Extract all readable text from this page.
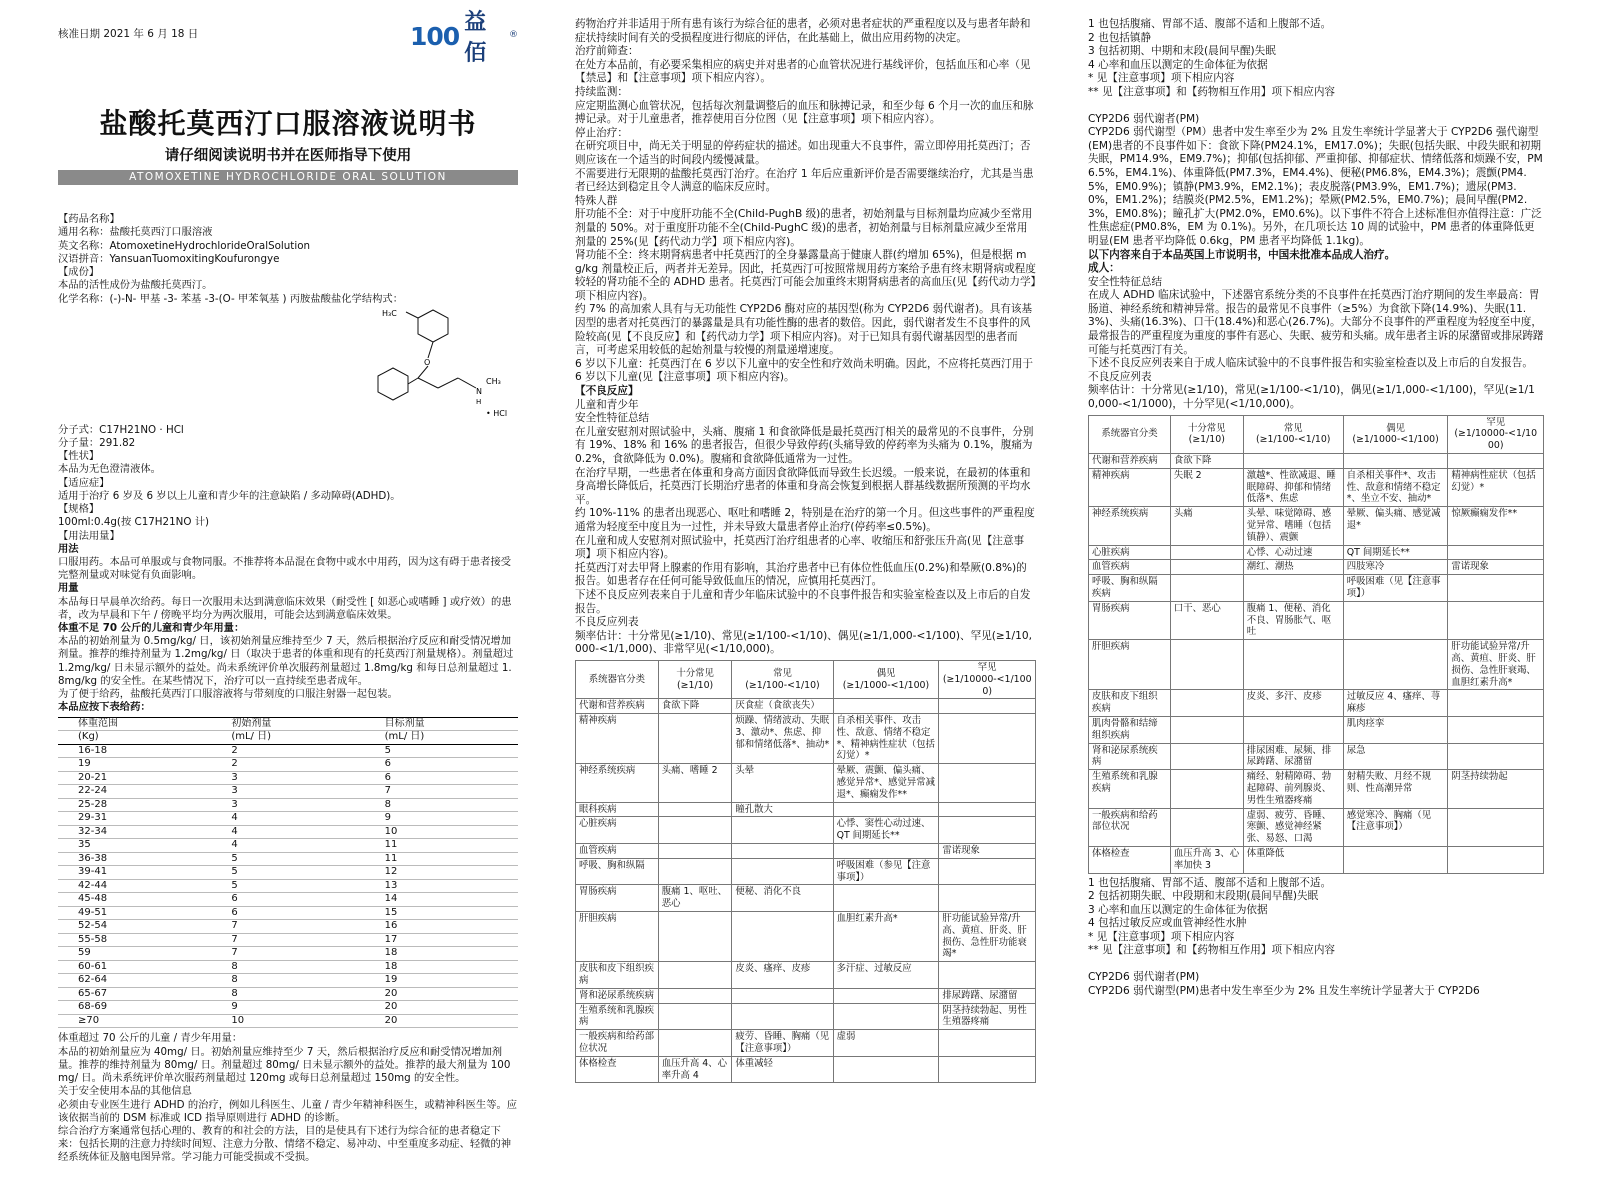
核准日期 2021 年 6 月 18 日	100 益佰
®
盐酸托莫西汀口服溶液说明书
请仔细阅读说明书并在医师指导下使用
ATOMOXETINE HYDROCHLORIDE ORAL SOLUTION

【药品名称】

通用名称：盐酸托莫西汀口服溶液

英文名称：AtomoxetineHydrochlorideOralSolution

汉语拼音：YansuanTuomoxitingKoufurongye

【成份】

本品的活性成份为盐酸托莫西汀。

化学名称：(-)-N- 甲基 -3- 苯基 -3-(O- 甲苯氧基 ) 丙胺盐酸盐化学结构式：

H₃C
O
N
H
CH₃
• HCl

分子式：C17H21NO · HCl

分子量：291.82

【性状】

本品为无色澄清液体。

【适应症】

适用于治疗 6 岁及 6 岁以上儿童和青少年的注意缺陷 / 多动障碍(ADHD)。

【规格】

100ml:0.4g(按 C17H21NO 计)

【用法用量】

用法

口服用药。本品可单服或与食物同服。不推荐将本品混在食物中或水中用药，因为这有碍于患者接受完整剂量或对味觉有负面影响。

用量

本品每日早晨单次给药。每日一次服用未达到满意临床效果（耐受性 [ 如恶心或嗜睡 ] 或疗效）的患者，改为早晨和下午 / 傍晚平均分为两次服用，可能会达到满意临床效果。

体重不足 70 公斤的儿童和青少年用量：

本品的初始剂量为 0.5mg/kg/ 日，该初始剂量应维持至少 7 天，然后根据治疗反应和耐受情况增加剂量。推荐的维持剂量为 1.2mg/kg/ 日（取决于患者的体重和现有的托莫西汀剂量规格）。剂量超过 1.2mg/kg/ 日未显示额外的益处。尚未系统评价单次服药剂量超过 1.8mg/kg 和每日总剂量超过 1.8mg/kg 的安全性。在某些情况下，治疗可以一直持续至患者成年。

为了便于给药，盐酸托莫西汀口服溶液将与带刻度的口服注射器一起包装。

本品应按下表给药：

体重范围	初始剂量	目标剂量
(Kg)	(mL/ 日)	(mL/ 日)
16-18	2	5
19	2	6
20-21	3	6
22-24	3	7
25-28	3	8
29-31	4	9
32-34	4	10
35	4	11
36-38	5	11
39-41	5	12
42-44	5	13
45-48	6	14
49-51	6	15
52-54	7	16
55-58	7	17
59	7	18
60-61	8	18
62-64	8	19
65-67	8	20
68-69	9	20
≥70	10	20

体重超过 70 公斤的儿童 / 青少年用量：

本品的初始剂量应为 40mg/ 日。初始剂量应维持至少 7 天，然后根据治疗反应和耐受情况增加剂量。推荐的维持剂量为 80mg/ 日。剂量超过 80mg/ 日未显示额外的益处。推荐的最大剂量为 100mg/ 日。尚未系统评价单次服药剂量超过 120mg 或每日总剂量超过 150mg 的安全性。

关于安全使用本品的其他信息

必须由专业医生进行 ADHD 的治疗，例如儿科医生、儿童 / 青少年精神科医生，或精神科医生等。应该依据当前的 DSM 标准或 ICD 指导原则进行 ADHD 的诊断。

综合治疗方案通常包括心理的、教育的和社会的方法，目的是使具有下述行为综合征的患者稳定下来：包括长期的注意力持续时间短、注意力分散、情绪不稳定、易冲动、中至重度多动症、轻微的神经系统体征及脑电图异常。学习能力可能受损或不受损。

药物治疗并非适用于所有患有该行为综合征的患者，必须对患者症状的严重程度以及与患者年龄和症状持续时间有关的受损程度进行彻底的评估，在此基础上，做出应用药物的决定。

治疗前筛查：

在处方本品前，有必要采集相应的病史并对患者的心血管状况进行基线评价，包括血压和心率（见【禁忌】和【注意事项】项下相应内容）。

持续监测：

应定期监测心血管状况，包括每次剂量调整后的血压和脉搏记录，和至少每 6 个月一次的血压和脉搏记录。对于儿童患者，推荐使用百分位图（见【注意事项】项下相应内容）。

停止治疗：

在研究项目中，尚无关于明显的停药症状的描述。如出现重大不良事件，需立即停用托莫西汀；否则应该在一个适当的时间段内缓慢减量。

不需要进行无限期的盐酸托莫西汀治疗。在治疗 1 年后应重新评价是否需要继续治疗，尤其是当患者已经达到稳定且令人满意的临床反应时。

特殊人群

肝功能不全：对于中度肝功能不全(Child-PughB 级)的患者，初始剂量与目标剂量均应减少至常用剂量的 50%。对于重度肝功能不全(Child-PughC 级)的患者，初始剂量与目标剂量应减少至常用剂量的 25%(见【药代动力学】项下相应内容)。

肾功能不全：终末期肾病患者中托莫西汀的全身暴露量高于健康人群(约增加 65%)，但是根据 mg/kg 剂量校正后，两者并无差异。因此，托莫西汀可按照常规用药方案给予患有终末期肾病或程度较轻的肾功能不全的 ADHD 患者。托莫西汀可能会加重终末期肾病患者的高血压(见【药代动力学】项下相应内容)。

约 7% 的高加索人具有与无功能性 CYP2D6 酶对应的基因型(称为 CYP2D6 弱代谢者)。具有该基因型的患者对托莫西汀的暴露量是具有功能性酶的患者的数倍。因此，弱代谢者发生不良事件的风险较高(见【不良反应】和【药代动力学】项下相应内容)。对于已知具有弱代谢基因型的患者而言，可考虑采用较低的起始剂量与较慢的剂量递增速度。

6 岁以下儿童：托莫西汀在 6 岁以下儿童中的安全性和疗效尚未明确。因此，不应将托莫西汀用于 6 岁以下儿童(见【注意事项】项下相应内容)。

【不良反应】

儿童和青少年

安全性特征总结

在儿童安慰剂对照试验中，头痛、腹痛 1 和食欲降低是最托莫西汀相关的最常见的不良事件，分别有 19%、18% 和 16% 的患者报告，但很少导致停药(头痛导致的停药率为头痛为 0.1%，腹痛为 0.2%，食欲降低为 0.0%)。腹痛和食欲降低通常为一过性。

在治疗早期，一些患者在体重和身高方面因食欲降低而导致生长迟缓。一般来说，在最初的体重和身高增长降低后，托莫西汀长期治疗患者的体重和身高会恢复到根据人群基线数据所预测的平均水平。

约 10%-11% 的患者出现恶心、呕吐和嗜睡 2，特别是在治疗的第一个月。但这些事件的严重程度通常为轻度至中度且为一过性，并未导致大量患者停止治疗(停药率≤0.5%)。

在儿童和成人安慰剂对照试验中，托莫西汀治疗组患者的心率、收缩压和舒张压升高(见【注意事项】项下相应内容)。

托莫西汀对去甲肾上腺素的作用有影响，其治疗患者中已有体位性低血压(0.2%)和晕厥(0.8%)的报告。如患者存在任何可能导致低血压的情况，应慎用托莫西汀。

下述不良反应列表来自于儿童和青少年临床试验中的不良事件报告和实验室检查以及上市后的自发报告。

不良反应列表

频率估计：十分常见(≥1/10)、常见(≥1/100-<1/10)、偶见(≥1/1,000-<1/100)、罕见(≥1/10,000-<1/1,000)、非常罕见(<1/10,000)。

系统器官分类	十分常见
(≥1/10)	常见
(≥1/100-<1/10)	偶见
(≥1/1000-<1/100)	罕见
(≥1/10000-<1/1000)
代谢和营养疾病	食欲下降	厌食症（食欲丧失）		
精神疾病		烦躁、情绪波动、失眠 3、激动*、焦虑、抑郁和情绪低落*、抽动*	自杀相关事件、攻击性、敌意、情绪不稳定*、精神病性症状（包括幻觉）*	
神经系统疾病	头痛、嗜睡 2	头晕	晕厥、震颤、偏头痛、感觉异常*、感觉异常减退*、癫痫发作**	
眼科疾病		瞳孔散大		
心脏疾病			心悸、窦性心动过速、QT 间期延长**	
血管疾病				雷诺现象
呼吸、胸和纵隔			呼吸困难（参见【注意事项】）	
胃肠疾病	腹痛 1、呕吐、恶心	便秘、消化不良		
肝胆疾病			血胆红素升高*	肝功能试验异常/升高、黄疸、肝炎、肝损伤、急性肝功能衰竭*
皮肤和皮下组织疾病		皮炎、瘙痒、皮疹	多汗症、过敏反应	
肾和泌尿系统疾病				排尿踌躇、尿潴留
生殖系统和乳腺疾病				阴茎持续勃起、男性生殖器疼痛
一般疾病和给药部位状况		疲劳、昏睡、胸痛（见【注意事项】）	虚弱	
体格检查	血压升高 4、心率升高 4	体重减轻		

1 也包括腹痛、胃部不适、腹部不适和上腹部不适。

2 也包括镇静

3 包括初期、中期和末段(晨间早醒)失眠

4 心率和血压以测定的生命体征为依据

* 见【注意事项】项下相应内容

** 见【注意事项】和【药物相互作用】项下相应内容

CYP2D6 弱代谢者(PM)

CYP2D6 弱代谢型（PM）患者中发生率至少为 2% 且发生率统计学显著大于 CYP2D6 强代谢型(EM)患者的不良事件如下：食欲下降(PM24.1%，EM17.0%)；失眠(包括失眠、中段失眠和初期失眠，PM14.9%，EM9.7%)；抑郁(包括抑郁、严重抑郁、抑郁症状、情绪低落和烦躁不安，PM6.5%，EM4.1%)、体重降低(PM7.3%，EM4.4%)、便秘(PM6.8%，EM4.3%)；震颤(PM4.5%，EM0.9%)；镇静(PM3.9%，EM2.1%)；表皮脱落(PM3.9%，EM1.7%)；遗尿(PM3.0%，EM1.2%)；结膜炎(PM2.5%，EM1.2%)；晕厥(PM2.5%，EM0.7%)；晨间早醒(PM2.3%，EM0.8%)；瞳孔扩大(PM2.0%，EM0.6%)。以下事件不符合上述标准但亦值得注意：广泛性焦虑症(PM0.8%，EM 为 0.1%)。另外，在几项长达 10 周的试验中，PM 患者的体重降低更明显(EM 患者平均降低 0.6kg，PM 患者平均降低 1.1kg)。

以下内容来自于本品英国上市说明书，中国未批准本品成人治疗。

成人：

安全性特征总结

在成人 ADHD 临床试验中，下述器官系统分类的不良事件在托莫西汀治疗期间的发生率最高：胃肠道、神经系统和精神异常。报告的最常见不良事件（≥5%）为食欲下降(14.9%)、失眠(11.3%)、头痛(16.3%)、口干(18.4%)和恶心(26.7%)。大部分不良事件的严重程度为轻度至中度，最常报告的严重程度为重度的事件有恶心、失眠、疲劳和头痛。成年患者主诉的尿潴留或排尿踌躇可能与托莫西汀有关。

下述不良反应列表来自于成人临床试验中的不良事件报告和实验室检查以及上市后的自发报告。

不良反应列表

频率估计：十分常见(≥1/10)，常见(≥1/100-<1/10)，偶见(≥1/1,000-<1/100)，罕见(≥1/10,000-<1/1000)，十分罕见(<1/10,000)。

系统器官分类	十分常见
(≥1/10)	常见
(≥1/100-<1/10)	偶见
(≥1/1000-<1/100)	罕见
(≥1/10000-<1/1000)
代谢和营养疾病	食欲下降			
精神疾病	失眠 2	激越*、性欲减退、睡眠障碍、抑郁和情绪低落*、焦虑	自杀相关事件*、攻击性、敌意和情绪不稳定*、坐立不安、抽动*	精神病性症状（包括幻觉）*
神经系统疾病	头痛	头晕、味觉障碍、感觉异常、嗜睡（包括镇静）、震颤	晕厥、偏头痛、感觉减退*	惊厥癫痫发作**
心脏疾病		心悸、心动过速	QT 间期延长**	
血管疾病		潮红、潮热	四肢寒冷	雷诺现象
呼吸、胸和纵隔疾病			呼吸困难（见【注意事项】）	
胃肠疾病	口干、恶心	腹痛 1、便秘、消化不良、胃肠胀气、呕吐		
肝胆疾病				肝功能试验异常/升高、黄疸、肝炎、肝损伤、急性肝衰竭、血胆红素升高*
皮肤和皮下组织疾病		皮炎、多汗、皮疹	过敏反应 4、瘙痒、荨麻疹	
肌肉骨骼和结缔组织疾病			肌肉痉挛	
肾和泌尿系统疾病		排尿困难、尿频、排尿踌躇、尿潴留	尿急	
生殖系统和乳腺疾病		痛经、射精障碍、勃起障碍、前列腺炎、男性生殖器疼痛	射精失败、月经不规则、性高潮异常	阴茎持续勃起
一般疾病和给药部位状况		虚弱、疲劳、昏睡、寒颤、感觉神经紧张、易怒、口渴	感觉寒冷、胸痛（见【注意事项】）	
体格检查	血压升高 3、心率加快 3	体重降低		

1 也包括腹痛、胃部不适、腹部不适和上腹部不适。

2 包括初期失眠、中段期和末段期(晨间早醒)失眠

3 心率和血压以测定的生命体征为依据

4 包括过敏反应或血管神经性水肿

* 见【注意事项】项下相应内容

** 见【注意事项】和【药物相互作用】项下相应内容

CYP2D6 弱代谢者(PM)

CYP2D6 弱代谢型(PM)患者中发生率至少为 2% 且发生率统计学显著大于 CYP2D6
